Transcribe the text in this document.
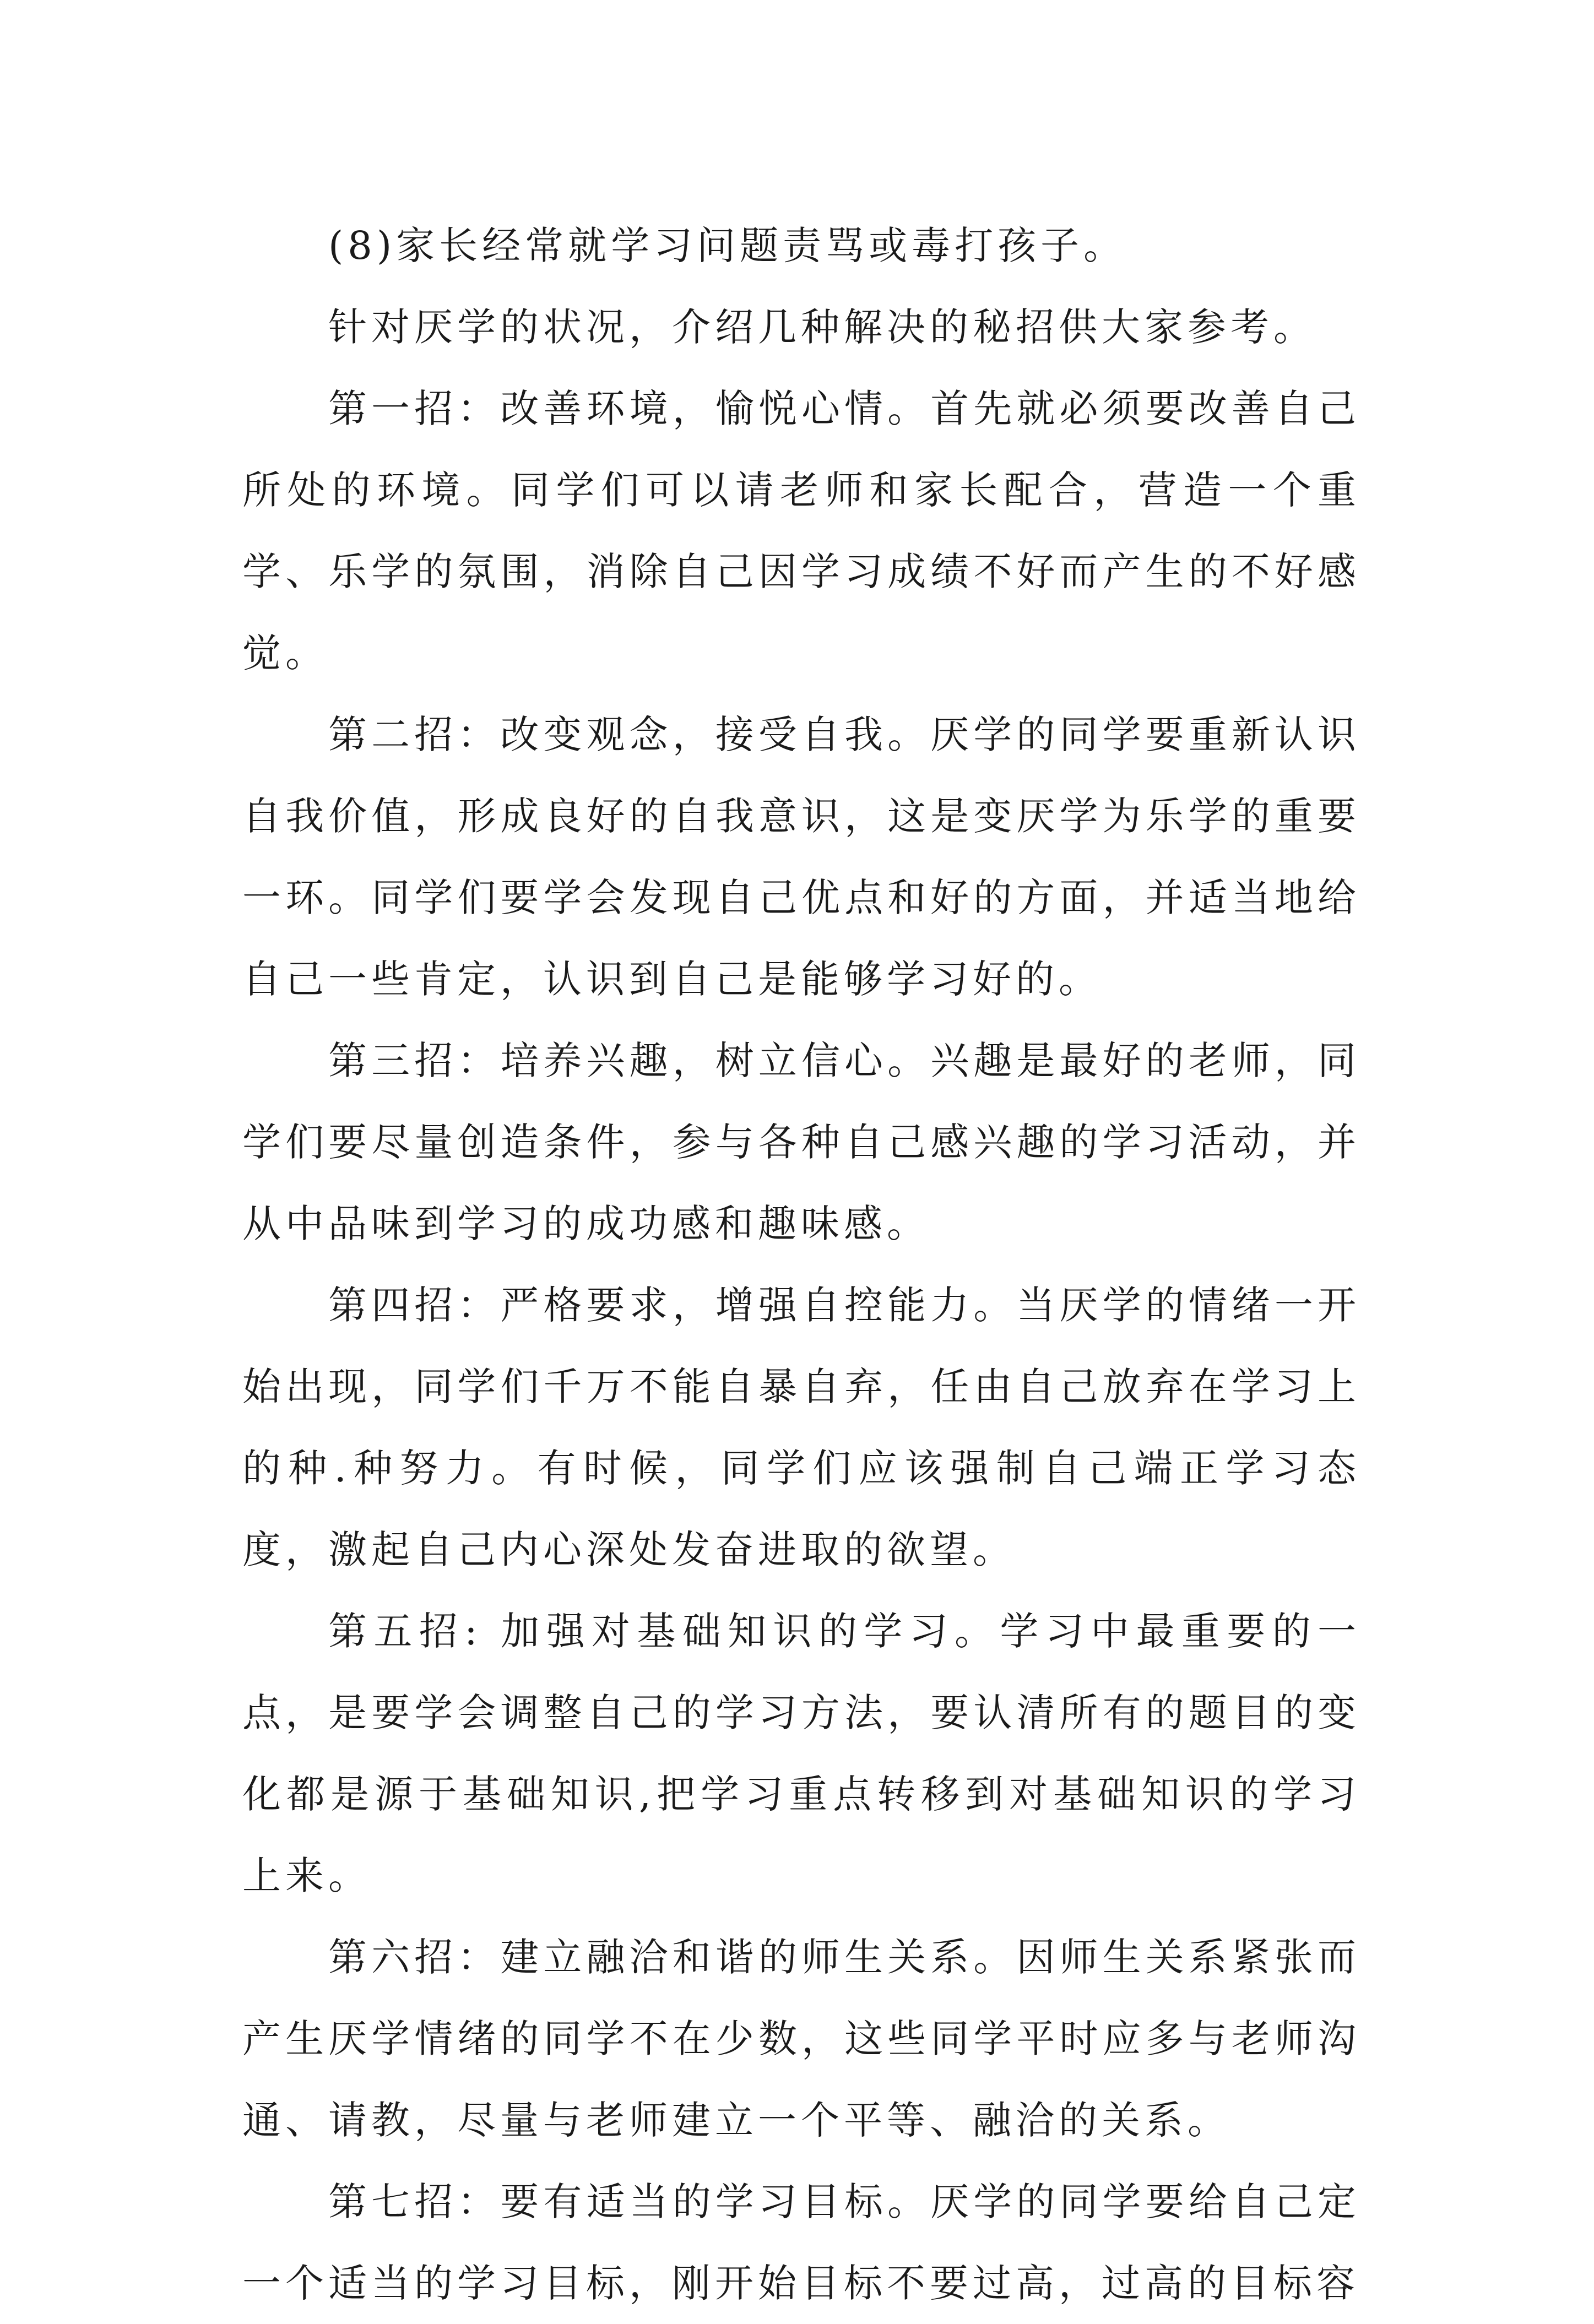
(8)家长经常就学习问题责骂或毒打孩子。

针对厌学的状况，介绍几种解决的秘招供大家参考。

第一招：改善环境，愉悦心情。首先就必须要改善自己所处的环境。同学们可以请老师和家长配合，营造一个重学、乐学的氛围，消除自己因学习成绩不好而产生的不好感觉。

第二招：改变观念，接受自我。厌学的同学要重新认识自我价值，形成良好的自我意识，这是变厌学为乐学的重要一环。同学们要学会发现自己优点和好的方面，并适当地给自己一些肯定，认识到自己是能够学习好的。

第三招：培养兴趣，树立信心。兴趣是最好的老师，同学们要尽量创造条件，参与各种自己感兴趣的学习活动，并从中品味到学习的成功感和趣味感。

第四招：严格要求，增强自控能力。当厌学的情绪一开始出现，同学们千万不能自暴自弃，任由自己放弃在学习上的种.种努力。有时候，同学们应该强制自己端正学习态度，激起自己内心深处发奋进取的欲望。

第五招: 加强对基础知识的学习。学习中最重要的一点，是要学会调整自己的学习方法，要认清所有的题目的变化都是源于基础知识,把学习重点转移到对基础知识的学习上来。

第六招：建立融洽和谐的师生关系。因师生关系紧张而产生厌学情绪的同学不在少数，这些同学平时应多与老师沟通、请教，尽量与老师建立一个平等、融洽的关系。

第七招：要有适当的学习目标。厌学的同学要给自己定一个适当的学习目标，刚开始目标不要过高，过高的目标容
